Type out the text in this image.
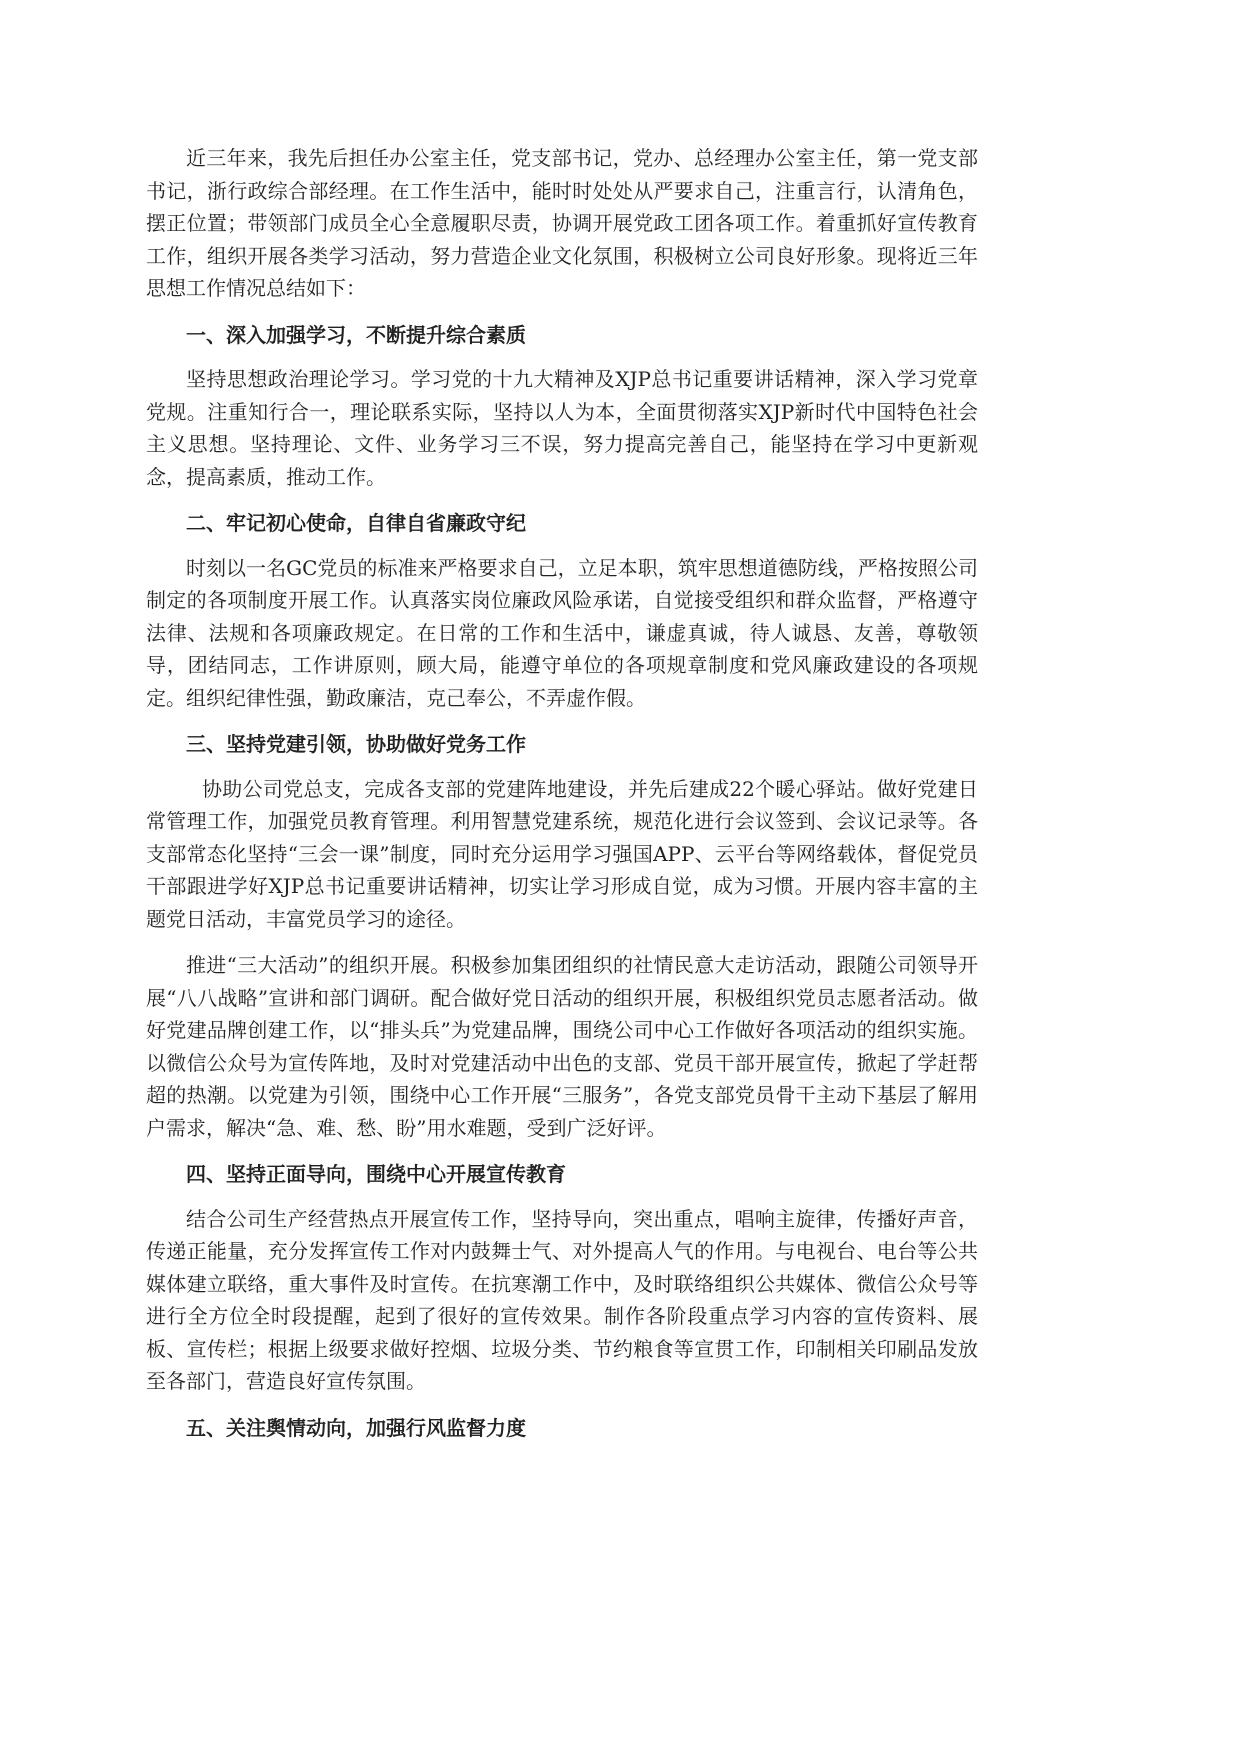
近三年来，我先后担任办公室主任，党支部书记，党办、总经理办公室主任，第一党支部书记，浙行政综合部经理。在工作生活中，能时时处处从严要求自己，注重言行，认清角色，摆正位置；带领部门成员全心全意履职尽责，协调开展党政工团各项工作。着重抓好宣传教育工作，组织开展各类学习活动，努力营造企业文化氛围，积极树立公司良好形象。现将近三年思想工作情况总结如下：

一、深入加强学习，不断提升综合素质

坚持思想政治理论学习。学习党的十九大精神及XJP总书记重要讲话精神，深入学习党章党规。注重知行合一，理论联系实际，坚持以人为本，全面贯彻落实XJP新时代中国特色社会主义思想。坚持理论、文件、业务学习三不误，努力提高完善自己，能坚持在学习中更新观念，提高素质，推动工作。

二、牢记初心使命，自律自省廉政守纪

时刻以一名GC党员的标准来严格要求自己，立足本职，筑牢思想道德防线，严格按照公司制定的各项制度开展工作。认真落实岗位廉政风险承诺，自觉接受组织和群众监督，严格遵守法律、法规和各项廉政规定。在日常的工作和生活中，谦虚真诚，待人诚恳、友善，尊敬领导，团结同志，工作讲原则，顾大局，能遵守单位的各项规章制度和党风廉政建设的各项规定。组织纪律性强，勤政廉洁，克己奉公，不弄虚作假。

三、坚持党建引领，协助做好党务工作

协助公司党总支，完成各支部的党建阵地建设，并先后建成22个暖心驿站。做好党建日常管理工作，加强党员教育管理。利用智慧党建系统，规范化进行会议签到、会议记录等。各支部常态化坚持“三会一课”制度，同时充分运用学习强国APP、云平台等网络载体，督促党员干部跟进学好XJP总书记重要讲话精神，切实让学习形成自觉，成为习惯。开展内容丰富的主题党日活动，丰富党员学习的途径。

推进“三大活动”的组织开展。积极参加集团组织的社情民意大走访活动，跟随公司领导开展“八八战略”宣讲和部门调研。配合做好党日活动的组织开展，积极组织党员志愿者活动。做好党建品牌创建工作，以“排头兵”为党建品牌，围绕公司中心工作做好各项活动的组织实施。以微信公众号为宣传阵地，及时对党建活动中出色的支部、党员干部开展宣传，掀起了学赶帮超的热潮。以党建为引领，围绕中心工作开展“三服务”，各党支部党员骨干主动下基层了解用户需求，解决“急、难、愁、盼”用水难题，受到广泛好评。

四、坚持正面导向，围绕中心开展宣传教育

结合公司生产经营热点开展宣传工作，坚持导向，突出重点，唱响主旋律，传播好声音，传递正能量，充分发挥宣传工作对内鼓舞士气、对外提高人气的作用。与电视台、电台等公共媒体建立联络，重大事件及时宣传。在抗寒潮工作中，及时联络组织公共媒体、微信公众号等进行全方位全时段提醒，起到了很好的宣传效果。制作各阶段重点学习内容的宣传资料、展板、宣传栏；根据上级要求做好控烟、垃圾分类、节约粮食等宣贯工作，印制相关印刷品发放至各部门，营造良好宣传氛围。

五、关注舆情动向，加强行风监督力度
